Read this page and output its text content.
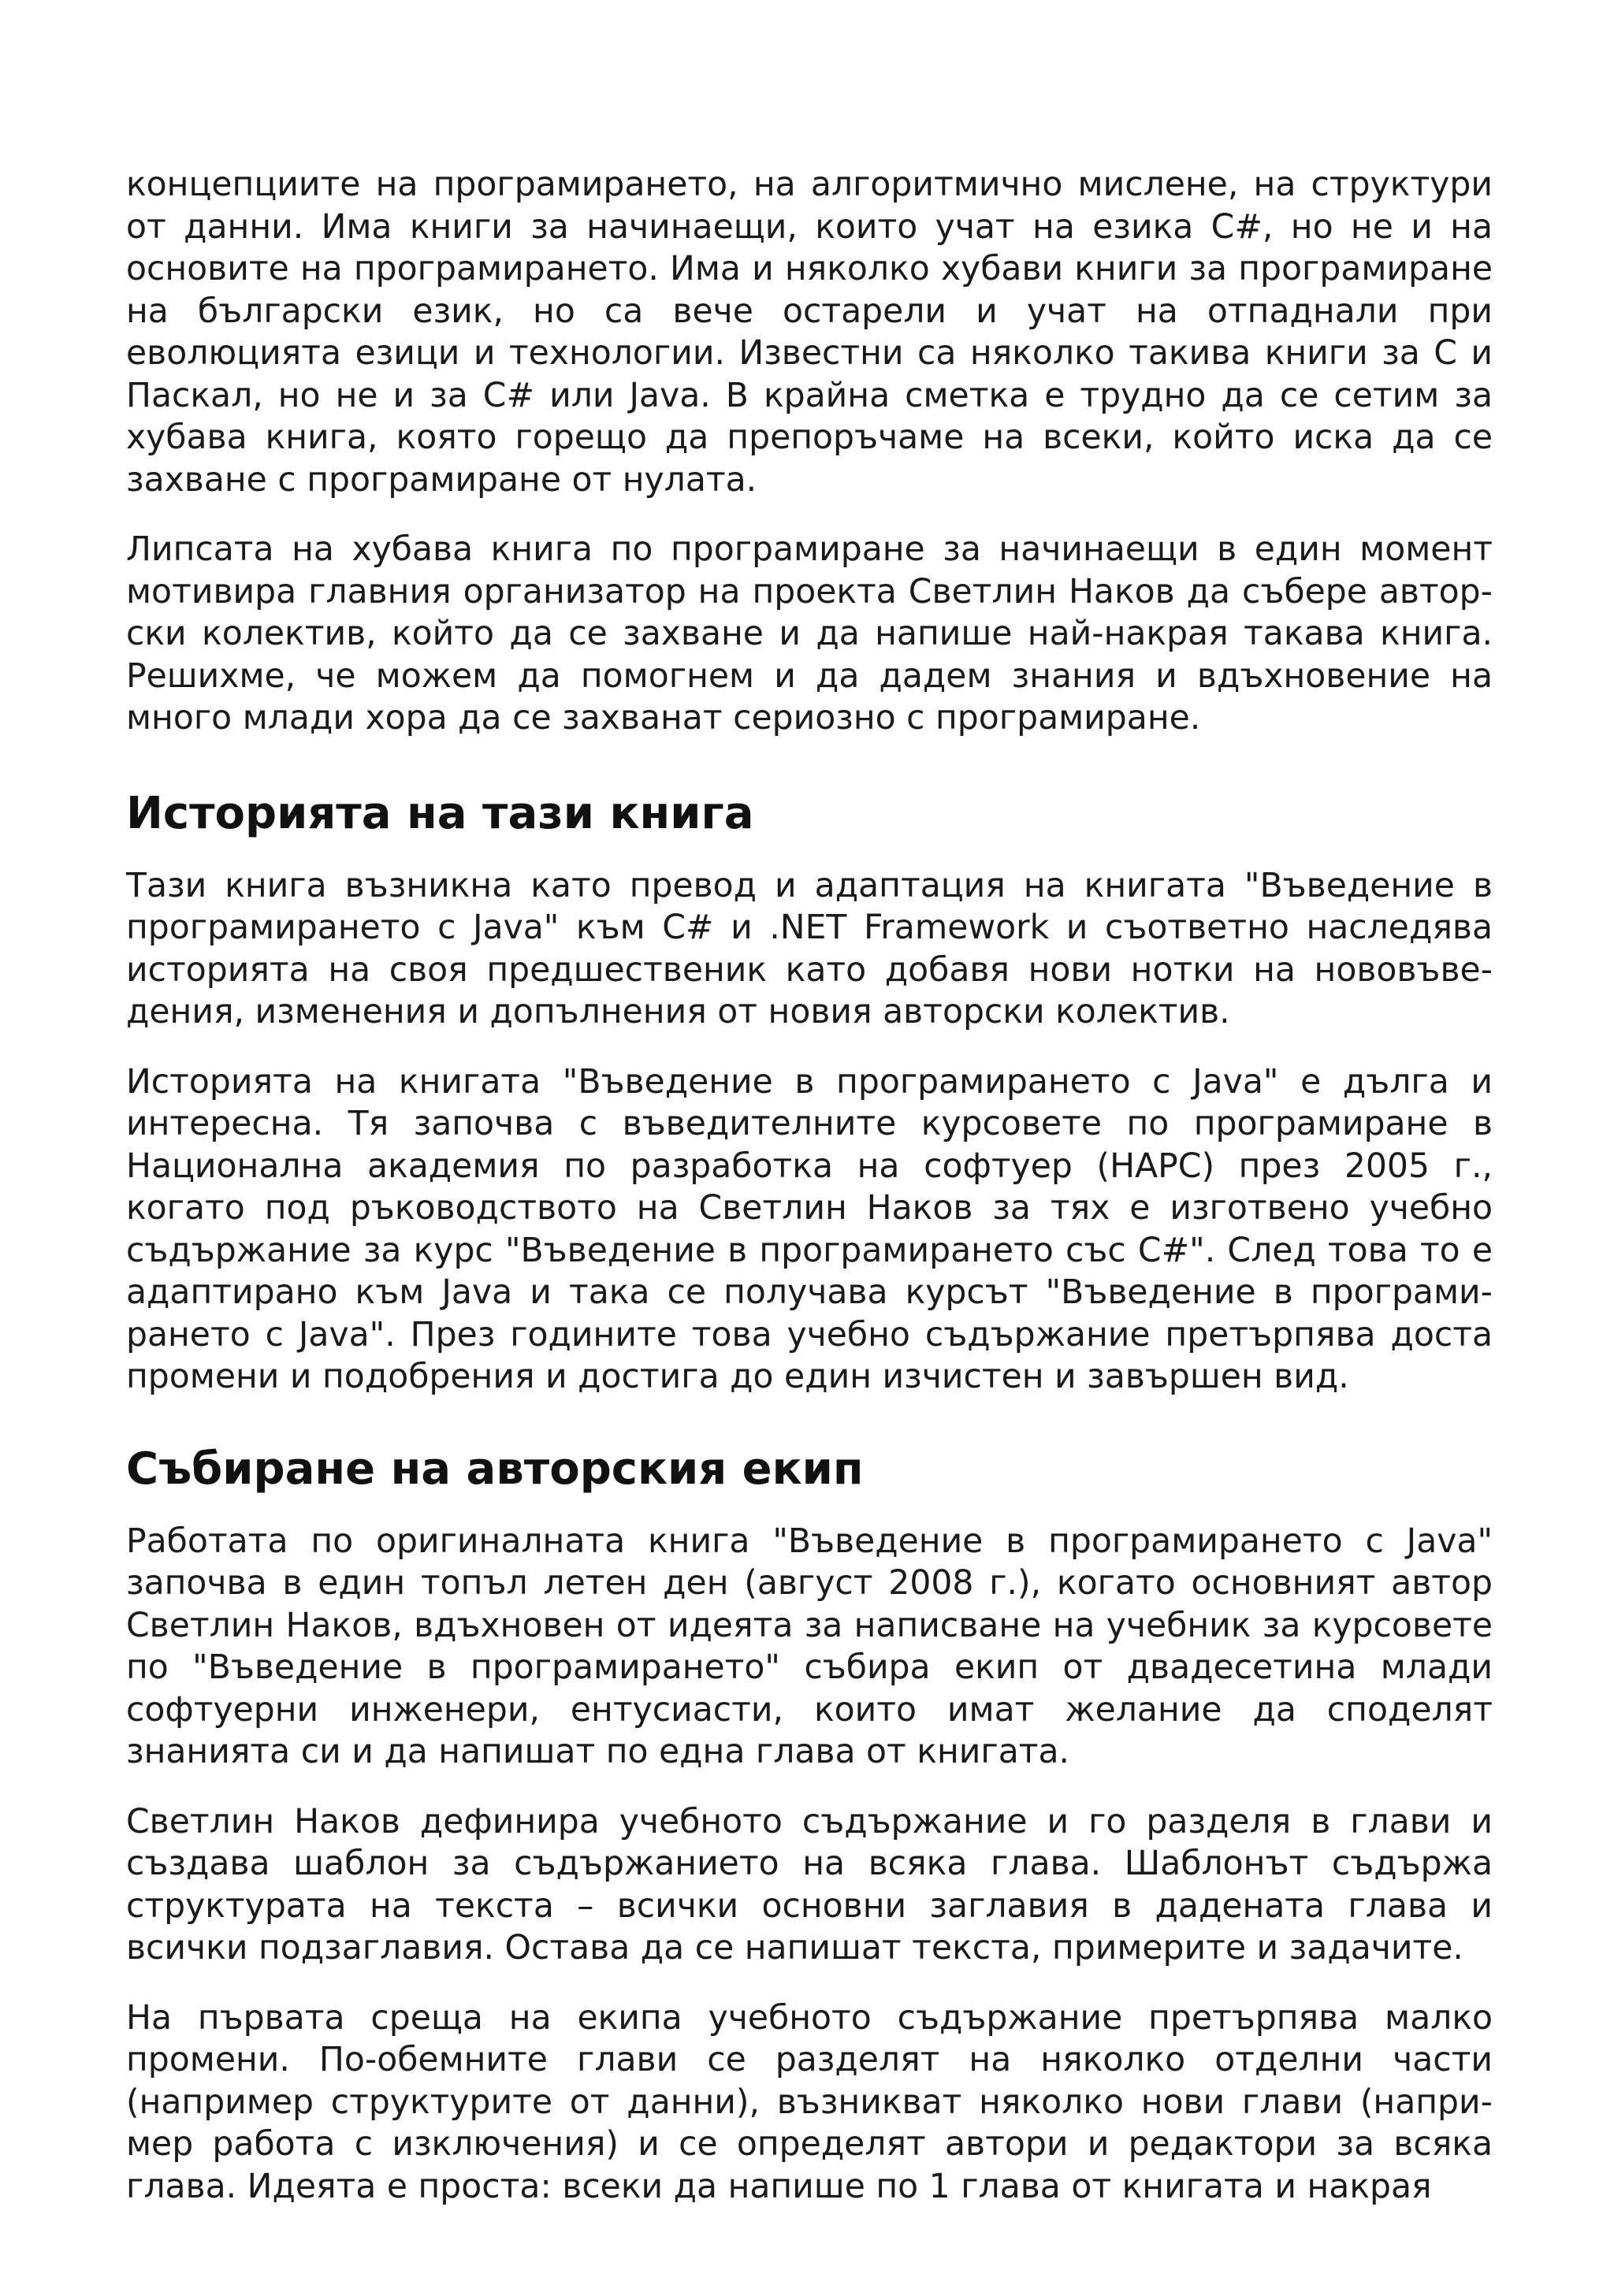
концепциите на програмирането, на алгоритмично мислене, на структури от данни. Има книги за начинаещи, които учат на езика C#, но не и на основите на програмирането. Има и няколко хубави книги за програмиране на български език, но са вече остарели и учат на отпаднали при еволюцията езици и технологии. Известни са няколко такива книги за C и Паскал, но не и за C# или Java. В крайна сметка е трудно да се сетим за хубава книга, която горещо да препоръчаме на всеки, който иска да се захване с програмиране от нулата.

Липсата на хубава книга по програмиране за начинаещи в един момент мотивира главния организатор на проекта Светлин Наков да събере авторски колектив, който да се захване и да напише най-накрая такава книга. Решихме, че можем да помогнем и да дадем знания и вдъхновение на много млади хора да се захванат сериозно с програмиране.

Историята на тази книга

Тази книга възникна като превод и адаптация на книгата "Въведение в програмирането с Java" към C# и .NET Framework и съответно наследява историята на своя предшественик като добавя нови нотки на нововъведения, изменения и допълнения от новия авторски колектив.

Историята на книгата "Въведение в програмирането с Java" е дълга и интересна. Тя започва с въведителните курсовете по програмиране в Национална академия по разработка на софтуер (НАРС) през 2005 г., когато под ръководството на Светлин Наков за тях е изготвено учебно съдържание за курс "Въведение в програмирането със C#". След това то е адаптирано към Java и така се получава курсът "Въведение в програмирането с Java". През годините това учебно съдържание претърпява доста промени и подобрения и достига до един изчистен и завършен вид.

Събиране на авторския екип

Работата по оригиналната книга "Въведение в програмирането с Java" започва в един топъл летен ден (август 2008 г.), когато основният автор Светлин Наков, вдъхновен от идеята за написване на учебник за курсовете по "Въведение в програмирането" събира екип от двадесетина млади софтуерни инженери, ентусиасти, които имат желание да споделят знанията си и да напишат по една глава от книгата.

Светлин Наков дефинира учебното съдържание и го разделя в глави и създава шаблон за съдържанието на всяка глава. Шаблонът съдържа структурата на текста – всички основни заглавия в дадената глава и всички подзаглавия. Остава да се напишат текста, примерите и задачите.

На първата среща на екипа учебното съдържание претърпява малко промени. По-обемните глави се разделят на няколко отделни части (например структурите от данни), възникват няколко нови глави (например работа с изключения) и се определят автори и редактори за всяка глава. Идеята е проста: всеки да напише по 1 глава от книгата и накрая
